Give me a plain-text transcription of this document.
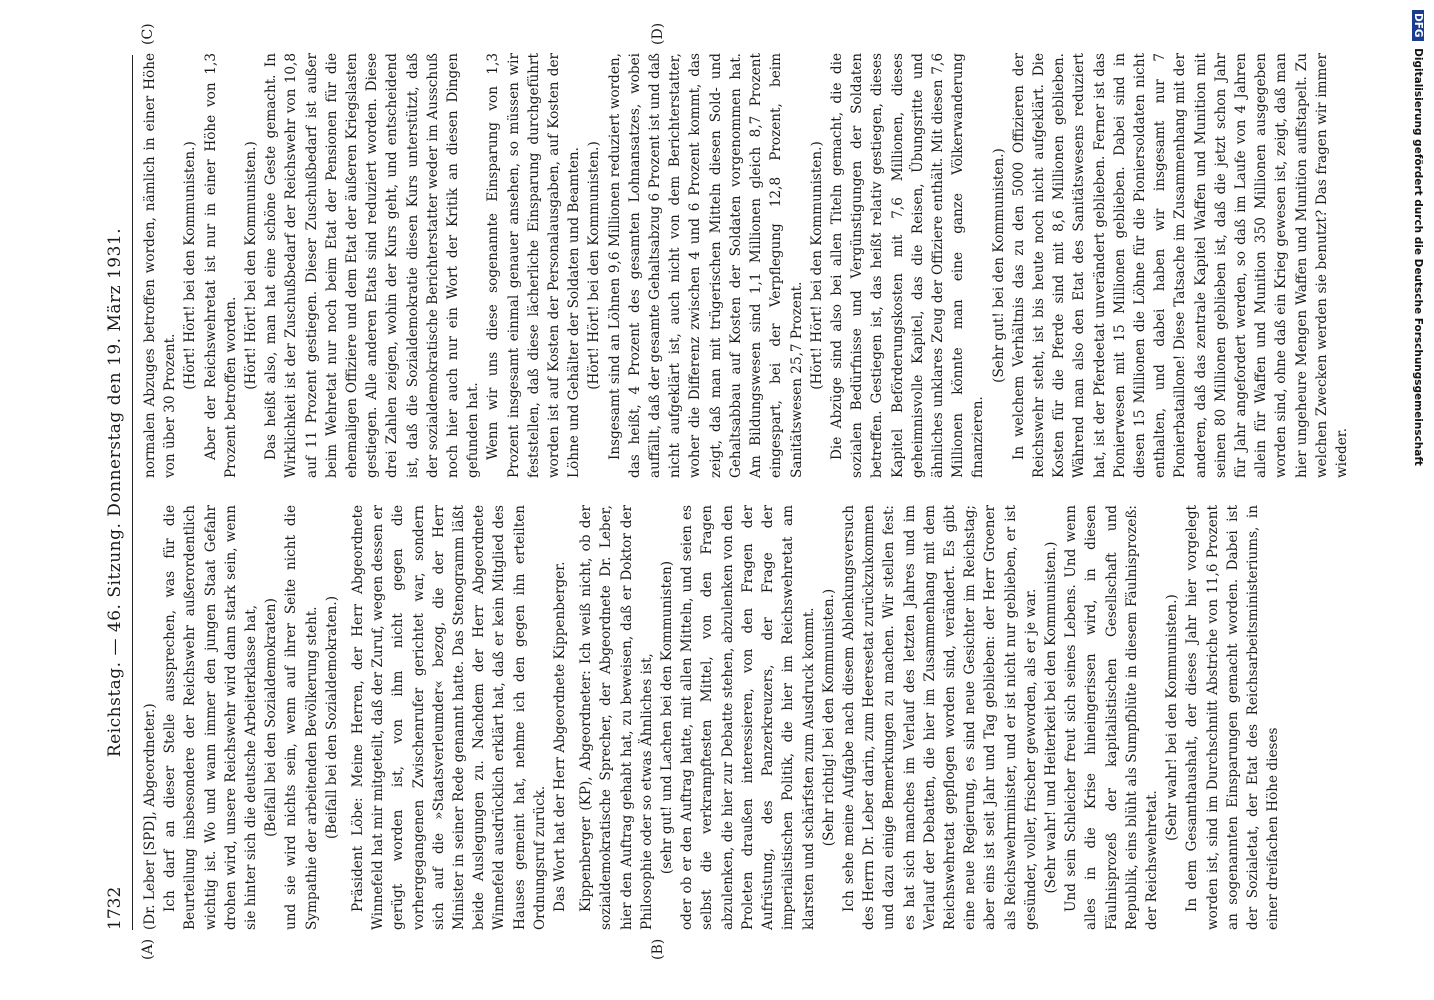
1732
Reichstag. — 46. Sitzung. Donnerstag den 19. März 1931.
(A)	(B)
(C)	(D)

(Dr. Leber [SPD], Abgeordneter.) Ich darf an dieser Stelle aussprechen, was für die Beurteilung insbesondere der Reichswehr außerordentlich wichtig ist. Wo und wann immer den jungen Staat Gefahr drohen wird, unsere Reichswehr wird dann stark sein, wenn sie hinter sich die deutsche Arbeiterklasse hat, (Beifall bei den Sozialdemokraten) und sie wird nichts sein, wenn auf ihrer Seite nicht die Sympathie der arbeitenden Bevölkerung steht. (Beifall bei den Sozialdemokraten.) Präsident Löbe: Meine Herren, der Herr Abgeordnete Winnefeld hat mir mitgeteilt, daß der Zuruf, wegen dessen er gerügt worden ist, von ihm nicht gegen die vorhergegangenen Zwischenrufer gerichtet war, sondern sich auf die »Staatsverleumder« bezog, die der Herr Minister in seiner Rede genannt hatte. Das Stenogramm läßt beide Auslegungen zu. Nachdem der Herr Abgeordnete Winnefeld ausdrücklich erklärt hat, daß er kein Mitglied des Hauses gemeint hat, nehme ich den gegen ihn erteilten Ordnungsruf zurück. Das Wort hat der Herr Abgeordnete Kippenberger. Kippenberger (KP), Abgeordneter: Ich weiß nicht, ob der sozialdemokratische Sprecher, der Abgeordnete Dr. Leber, hier den Auftrag gehabt hat, zu beweisen, daß er Doktor der Philosophie oder so etwas Ähnliches ist, (sehr gut! und Lachen bei den Kommunisten) oder ob er den Auftrag hatte, mit allen Mitteln, und seien es selbst die verkrampftesten Mittel, von den Fragen abzulenken, die hier zur Debatte stehen, abzulenken von den Proleten draußen interessieren, von den Fragen der Aufrüstung, des Panzerkreuzers, der Frage der imperialistischen Politik, die hier im Reichswehretat am klarsten und schärfsten zum Ausdruck kommt. (Sehr richtig! bei den Kommunisten.) Ich sehe meine Aufgabe nach diesem Ablenkungsversuch des Herrn Dr. Leber darin, zum Heeresetat zurückzukommen und dazu einige Bemerkungen zu machen. Wir stellen fest: es hat sich manches im Verlauf des letzten Jahres und im Verlauf der Debatten, die hier im Zusammenhang mit dem Reichswehretat gepflogen worden sind, verändert. Es gibt eine neue Regierung, es sind neue Gesichter im Reichstag; aber eins ist seit Jahr und Tag geblieben: der Herr Groener als Reichswehrminister, und er ist nicht nur geblieben, er ist gesünder, voller, frischer geworden, als er je war. (Sehr wahr! und Heiterkeit bei den Kommunisten.) Und sein Schleicher freut sich seines Lebens. Und wenn alles in die Krise hineingerissen wird, in diesen Fäulnisprozeß der kapitalistischen Gesellschaft und Republik, eins blüht als Sumpfblüte in diesem Fäulnisprozeß: der Reichswehretat.

(Sehr wahr! bei den Kommunisten.) In dem Gesamthaushalt, der dieses Jahr hier vorgelegt worden ist, sind im Durchschnitt Abstriche von 11,6 Prozent an sogenannten Einsparungen gemacht worden. Dabei ist der Sozialetat, der Etat des Reichsarbeitsministeriums, in einer dreifachen Höhe dieses

normalen Abzuges betroffen worden, nämlich in einer Höhe von über 30 Prozent.

(Hört! Hört! bei den Kommunisten.) Aber der Reichswehretat ist nur in einer Höhe von 1,3 Prozent betroffen worden. (Hört! Hört! bei den Kommunisten.) Das heißt also, man hat eine schöne Geste gemacht. In Wirklichkeit ist der Zuschußbedarf der Reichswehr von 10,8 auf 11 Prozent gestiegen. Dieser Zuschußbedarf ist außer beim Wehretat nur noch beim Etat der Pensionen für die ehemaligen Offiziere und dem Etat der äußeren Kriegslasten gestiegen. Alle anderen Etats sind reduziert worden. Diese drei Zahlen zeigen, wohin der Kurs geht, und entscheidend ist, daß die Sozialdemokratie diesen Kurs unterstützt, daß der sozialdemokratische Berichterstatter weder im Ausschuß noch hier auch nur ein Wort der Kritik an diesen Dingen gefunden hat. Wenn wir uns diese sogenannte Einsparung von 1,3 Prozent insgesamt einmal genauer ansehen, so müssen wir feststellen, daß diese lächerliche Einsparung durchgeführt worden ist auf Kosten der Personalausgaben, auf Kosten der Löhne und Gehälter der Soldaten und Beamten. (Hört! Hört! bei den Kommunisten.) Insgesamt sind an Löhnen 9,6 Millionen reduziert worden, das heißt, 4 Prozent des gesamten Lohnansatzes, wobei auffällt, daß der gesamte Gehaltsabzug 6 Prozent ist und daß nicht aufgeklärt ist, auch nicht von dem Berichterstatter, woher die Differenz zwischen 4 und 6 Prozent kommt, das zeigt, daß man mit trügerischen Mitteln diesen Sold- und Gehaltsabbau auf Kosten der Soldaten vorgenommen hat. Am Bildungswesen sind 1,1 Millionen gleich 8,7 Prozent eingespart, bei der Verpflegung 12,8 Prozent, beim Sanitätswesen 25,7 Prozent. (Hört! Hört! bei den Kommunisten.) Die Abzüge sind also bei allen Titeln gemacht, die die sozialen Bedürfnisse und Vergünstigungen der Soldaten betreffen. Gestiegen ist, das heißt relativ gestiegen, dieses Kapitel Beförderungskosten mit 7,6 Millionen, dieses geheimnisvolle Kapitel, das die Reisen, Übungsritte und ähnliches unklares Zeug der Offiziere enthält. Mit diesen 7,6 Millionen könnte man eine ganze Völkerwanderung finanzieren.

(Sehr gut! bei den Kommunisten.) In welchem Verhältnis das zu den 5000 Offizieren der Reichswehr steht, ist bis heute noch nicht aufgeklärt. Die Kosten für die Pferde sind mit 8,6 Millionen geblieben. Während man also den Etat des Sanitätswesens reduziert hat, ist der Pferdeetat unverändert geblieben. Ferner ist das Pionierwesen mit 15 Millionen geblieben. Dabei sind in diesen 15 Millionen die Löhne für die Pioniersoldaten nicht enthalten, und dabei haben wir insgesamt nur 7 Pionierbataillone! Diese Tatsache im Zusammenhang mit der anderen, daß das zentrale Kapitel Waffen und Munition mit seinen 80 Millionen geblieben ist, daß die jetzt schon Jahr für Jahr angefordert werden, so daß im Laufe von 4 Jahren allein für Waffen und Munition 350 Millionen ausgegeben worden sind, ohne daß ein Krieg gewesen ist, zeigt, daß man hier ungeheure Mengen Waffen und Munition auffstapelt. Zu welchen Zwecken werden sie benutzt? Das fragen wir immer wieder.

DFG Digitalisierung gefördert durch die Deutsche Forschungsgemeinschaft
